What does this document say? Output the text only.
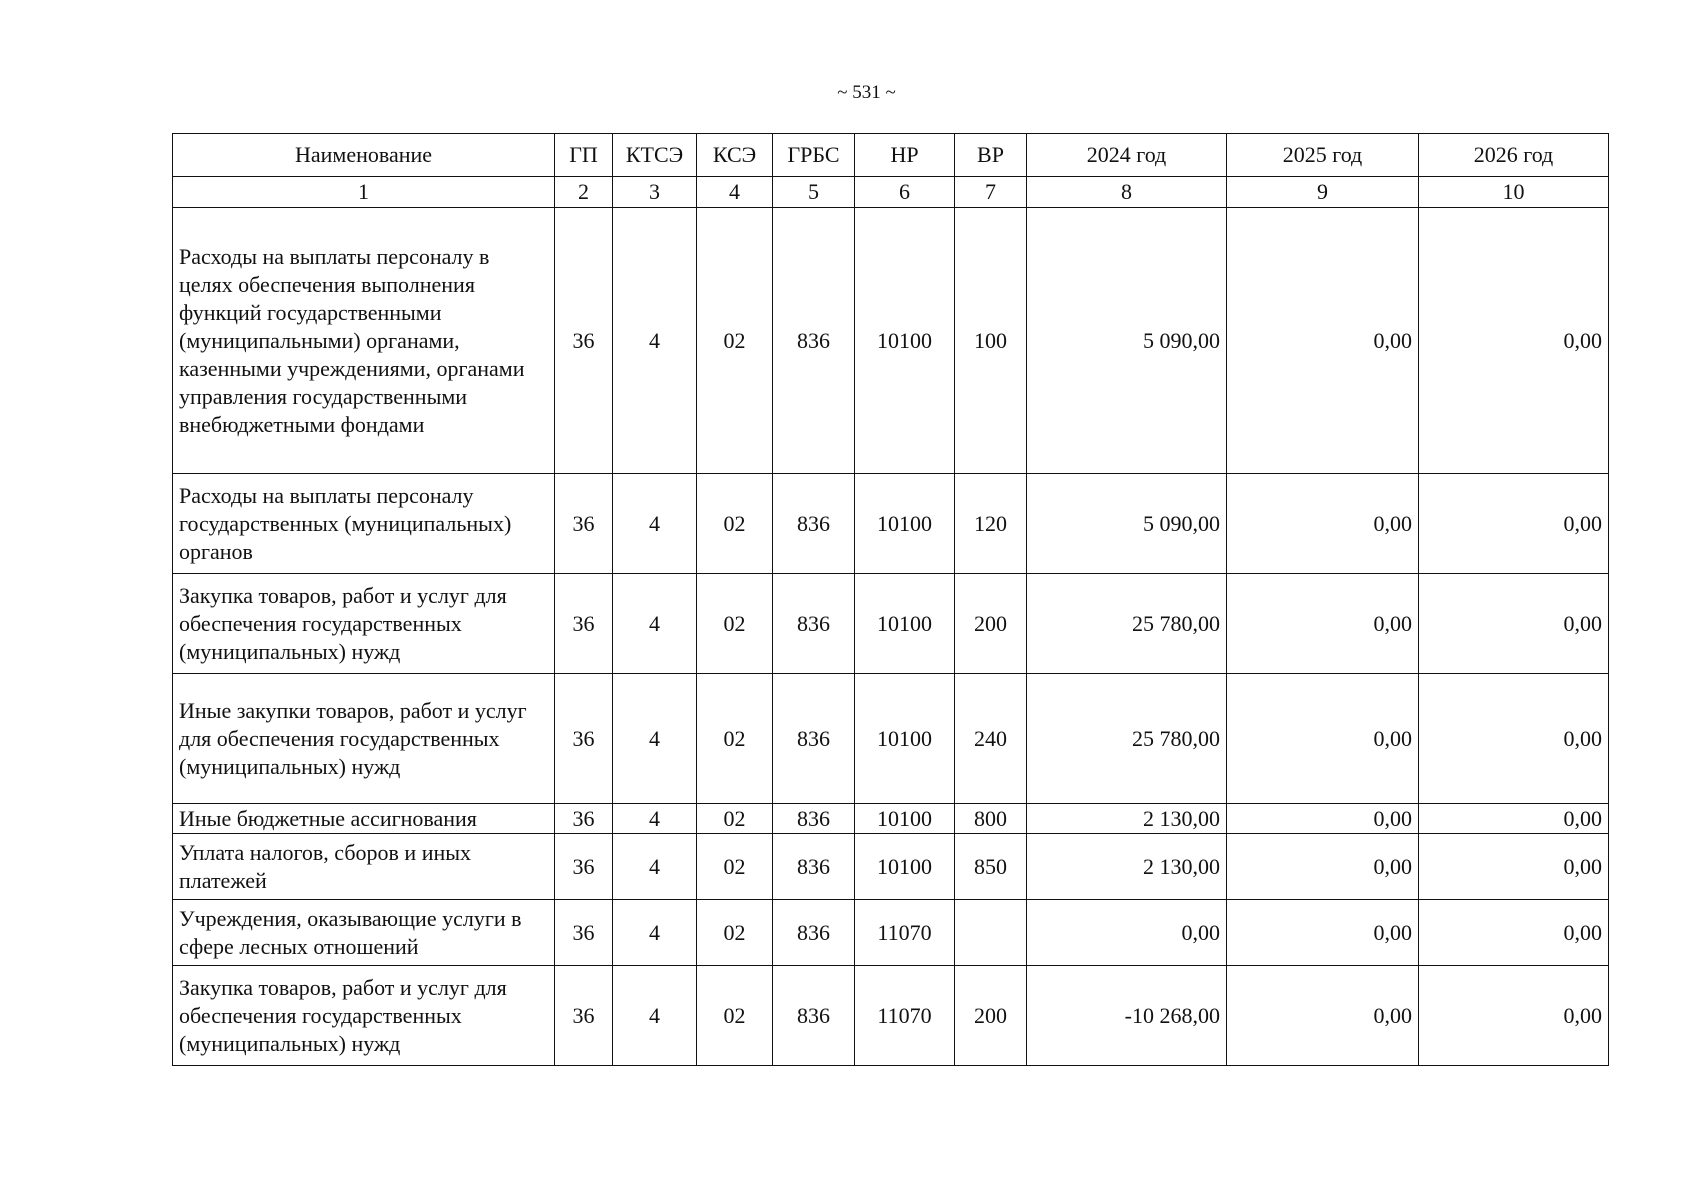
~ 531 ~
Наименование	ГП	КТСЭ	КСЭ	ГРБС	НР	ВР	2024 год	2025 год	2026 год
1	2	3	4	5	6	7	8	9	10
Расходы на выплаты персоналу в целях обеспечения выполнения функций государственными (муниципальными) органами, казенными учреждениями, органами управления государственными внебюджетными фондами	36	4	02	836	10100	100	5 090,00	0,00	0,00
Расходы на выплаты персоналу государственных (муниципальных) органов	36	4	02	836	10100	120	5 090,00	0,00	0,00
Закупка товаров, работ и услуг для обеспечения государственных (муниципальных) нужд	36	4	02	836	10100	200	25 780,00	0,00	0,00
Иные закупки товаров, работ и услуг для обеспечения государственных (муниципальных) нужд	36	4	02	836	10100	240	25 780,00	0,00	0,00
Иные бюджетные ассигнования	36	4	02	836	10100	800	2 130,00	0,00	0,00
Уплата налогов, сборов и иных платежей	36	4	02	836	10100	850	2 130,00	0,00	0,00
Учреждения, оказывающие услуги в сфере лесных отношений	36	4	02	836	11070		0,00	0,00	0,00
Закупка товаров, работ и услуг для обеспечения государственных (муниципальных) нужд	36	4	02	836	11070	200	-10 268,00	0,00	0,00
